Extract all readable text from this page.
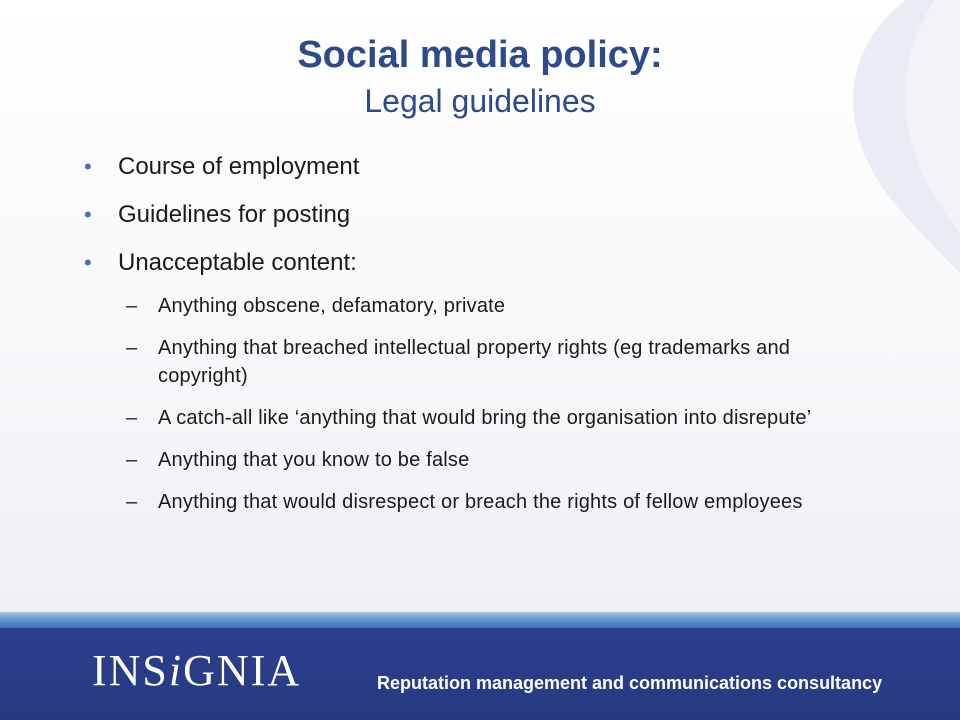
Social media policy:
Legal guidelines
• Course of employment
• Guidelines for posting
• Unacceptable content:
– Anything obscene, defamatory, private
– Anything that breached intellectual property rights (eg trademarks and copyright)
– A catch-all like ‘anything that would bring the organisation into disrepute’
– Anything that you know to be false
– Anything that would disrespect or breach the rights of fellow employees
INSiGNIA	Reputation management and communications consultancy
